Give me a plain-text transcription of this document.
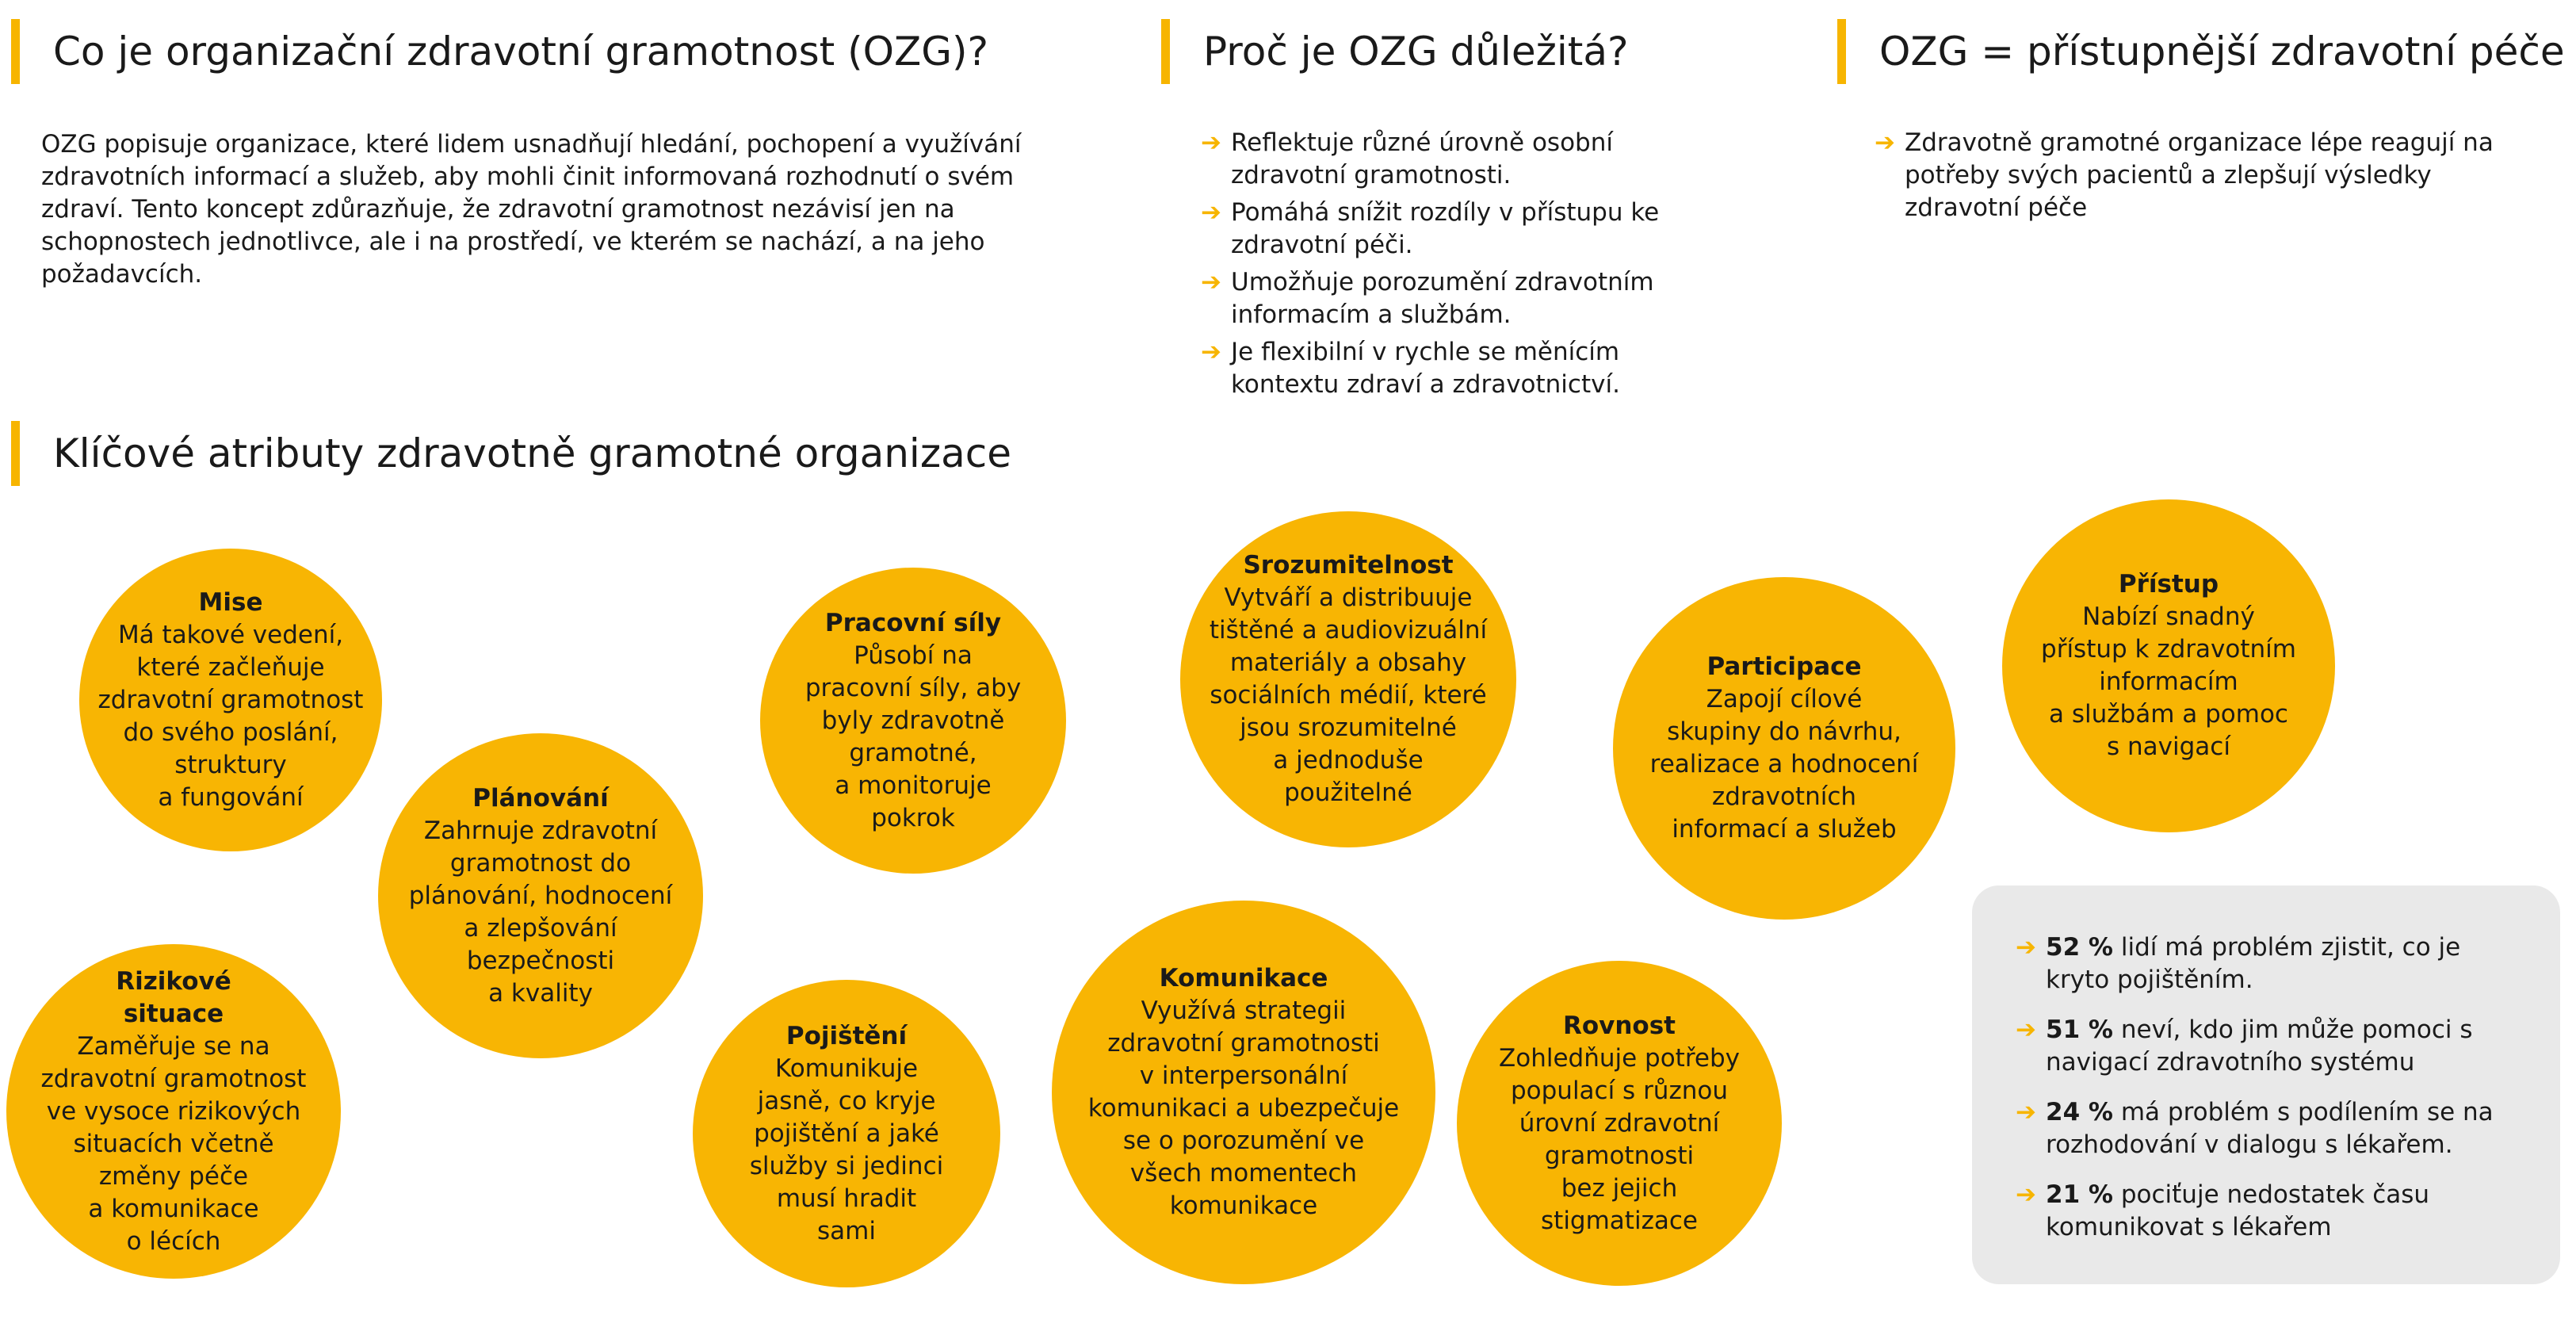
Co je organizační zdravotní gramotnost (OZG)?

OZG popisuje organizace, které lidem usnadňují hledání, pochopení a využívání zdravotních informací a služeb, aby mohli činit informovaná rozhodnutí o svém zdraví. Tento koncept zdůrazňuje, že zdravotní gramotnost nezávisí jen na schopnostech jednotlivce, ale i na prostředí, ve kterém se nachází, a na jeho požadavcích.

Proč je OZG důležitá?
➔ Reflektuje různé úrovně osobní zdravotní gramotnosti.
➔ Pomáhá snížit rozdíly v přístupu ke zdravotní péči.
➔ Umožňuje porozumění zdravotním informacím a službám.
➔ Je flexibilní v rychle se měnícím kontextu zdraví a zdravotnictví.
OZG = přístupnější zdravotní péče
➔ Zdravotně gramotné organizace lépe reagují na potřeby svých pacientů a zlepšují výsledky zdravotní péče
Klíčové atributy zdravotně gramotné organizace
Mise
Má takové vedení,
které začleňuje
zdravotní gramotnost
do svého poslání,
struktury
a fungování	Plánování
Zahrnuje zdravotní
gramotnost do
plánování, hodnocení
a zlepšování
bezpečnosti
a kvality
Rizikové
situace
Zaměřuje se na
zdravotní gramotnost
ve vysoce rizikových
situacích včetně
změny péče
a komunikace
o lécích
Pracovní síly
Působí na
pracovní síly, aby
byly zdravotně
gramotné,
a monitoruje
pokrok
Pojištění
Komunikuje
jasně, co kryje
pojištění a jaké
služby si jedinci
musí hradit
sami
Srozumitelnost
Vytváří a distribuuje
tištěné a audiovizuální
materiály a obsahy
sociálních médií, které
jsou srozumitelné
a jednoduše
použitelné
Komunikace
Využívá strategii
zdravotní gramotnosti
v interpersonální
komunikaci a ubezpečuje
se o porozumění ve
všech momentech
komunikace
Participace
Zapojí cílové
skupiny do návrhu,
realizace a hodnocení
zdravotních
informací a služeb
Rovnost
Zohledňuje potřeby
populací s různou
úrovní zdravotní
gramotnosti
bez jejich
stigmatizace
Přístup
Nabízí snadný
přístup k zdravotním
informacím
a službám a pomoc
s navigací
➔ 52 % lidí má problém zjistit, co je kryto pojištěním.
➔ 51 % neví, kdo jim může pomoci s navigací zdravotního systému
➔ 24 % má problém s podílením se na rozhodování v dialogu s lékařem.
➔ 21 % pociťuje nedostatek času komunikovat s lékařem
